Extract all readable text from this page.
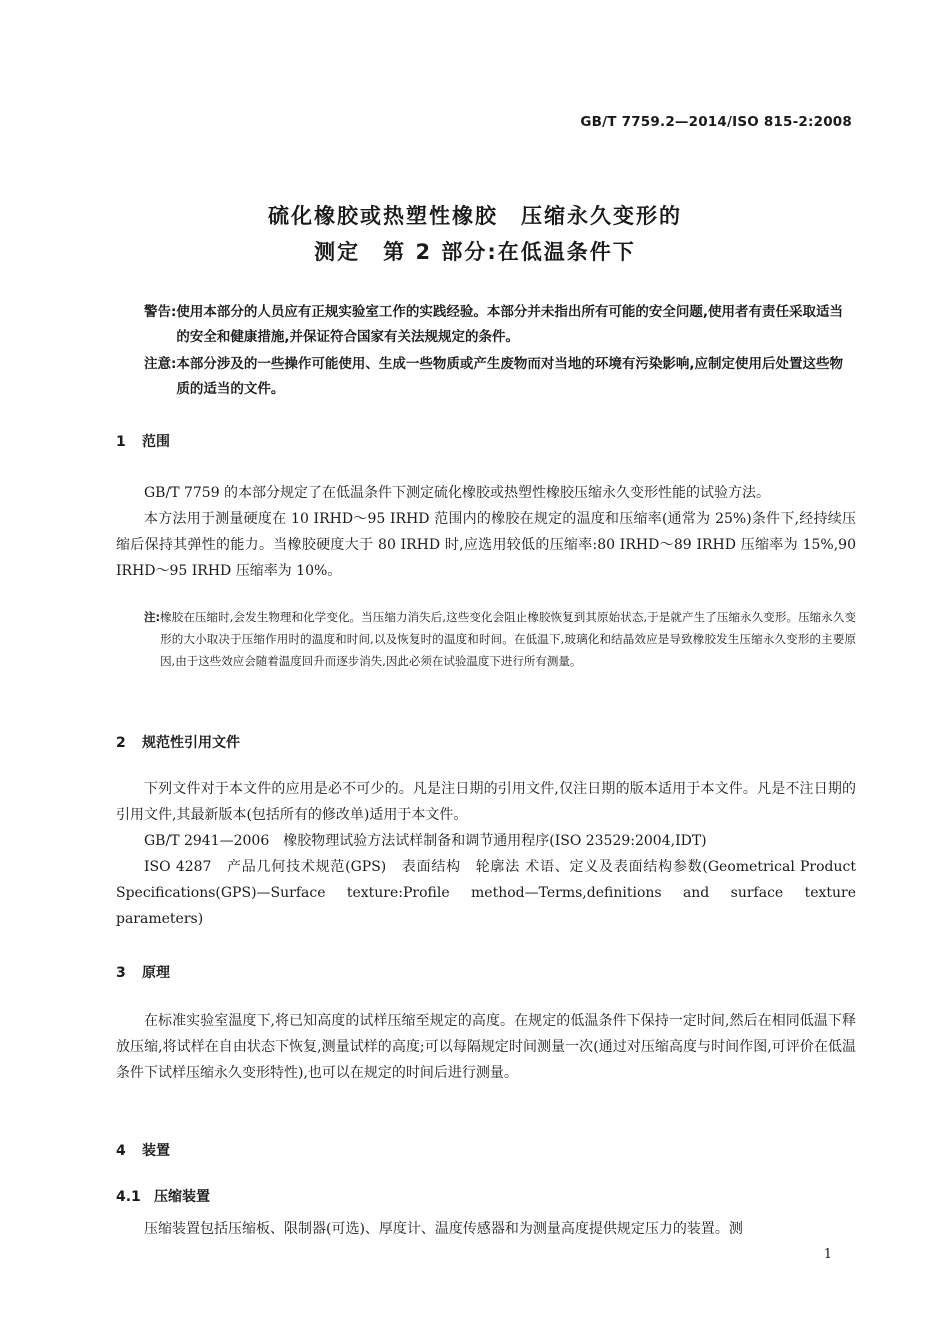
GB/T 7759.2—2014/ISO 815-2:2008
硫化橡胶或热塑性橡胶　压缩永久变形的
测定　第 2 部分:在低温条件下
警告: 使用本部分的人员应有正规实验室工作的实践经验。本部分并未指出所有可能的安全问题,使用者有责任采取适当的安全和健康措施,并保证符合国家有关法规规定的条件。
注意: 本部分涉及的一些操作可能使用、生成一些物质或产生废物而对当地的环境有污染影响,应制定使用后处置这些物质的适当的文件。
1 范围

GB/T 7759 的本部分规定了在低温条件下测定硫化橡胶或热塑性橡胶压缩永久变形性能的试验方法。

本方法用于测量硬度在 10 IRHD～95 IRHD 范围内的橡胶在规定的温度和压缩率(通常为 25%)条件下,经持续压缩后保持其弹性的能力。当橡胶硬度大于 80 IRHD 时,应选用较低的压缩率:80 IRHD～89 IRHD 压缩率为 15%,90 IRHD～95 IRHD 压缩率为 10%。

注: 橡胶在压缩时,会发生物理和化学变化。当压缩力消失后,这些变化会阻止橡胶恢复到其原始状态,于是就产生了压缩永久变形。压缩永久变形的大小取决于压缩作用时的温度和时间,以及恢复时的温度和时间。在低温下,玻璃化和结晶效应是导致橡胶发生压缩永久变形的主要原因,由于这些效应会随着温度回升而逐步消失,因此必须在试验温度下进行所有测量。
2 规范性引用文件

下列文件对于本文件的应用是必不可少的。凡是注日期的引用文件,仅注日期的版本适用于本文件。凡是不注日期的引用文件,其最新版本(包括所有的修改单)适用于本文件。

GB/T 2941—2006　橡胶物理试验方法试样制备和调节通用程序(ISO 23529:2004,IDT)

ISO 4287　产品几何技术规范(GPS)　表面结构　轮廓法 术语、定义及表面结构参数(Geometrical Product Specifications(GPS)—Surface texture:Profile method—Terms,definitions and surface texture parameters)

3 原理

在标准实验室温度下,将已知高度的试样压缩至规定的高度。在规定的低温条件下保持一定时间,然后在相同低温下释放压缩,将试样在自由状态下恢复,测量试样的高度;可以每隔规定时间测量一次(通过对压缩高度与时间作图,可评价在低温条件下试样压缩永久变形特性),也可以在规定的时间后进行测量。

4 装置
4.1 压缩装置

压缩装置包括压缩板、限制器(可选)、厚度计、温度传感器和为测量高度提供规定压力的装置。测

1
